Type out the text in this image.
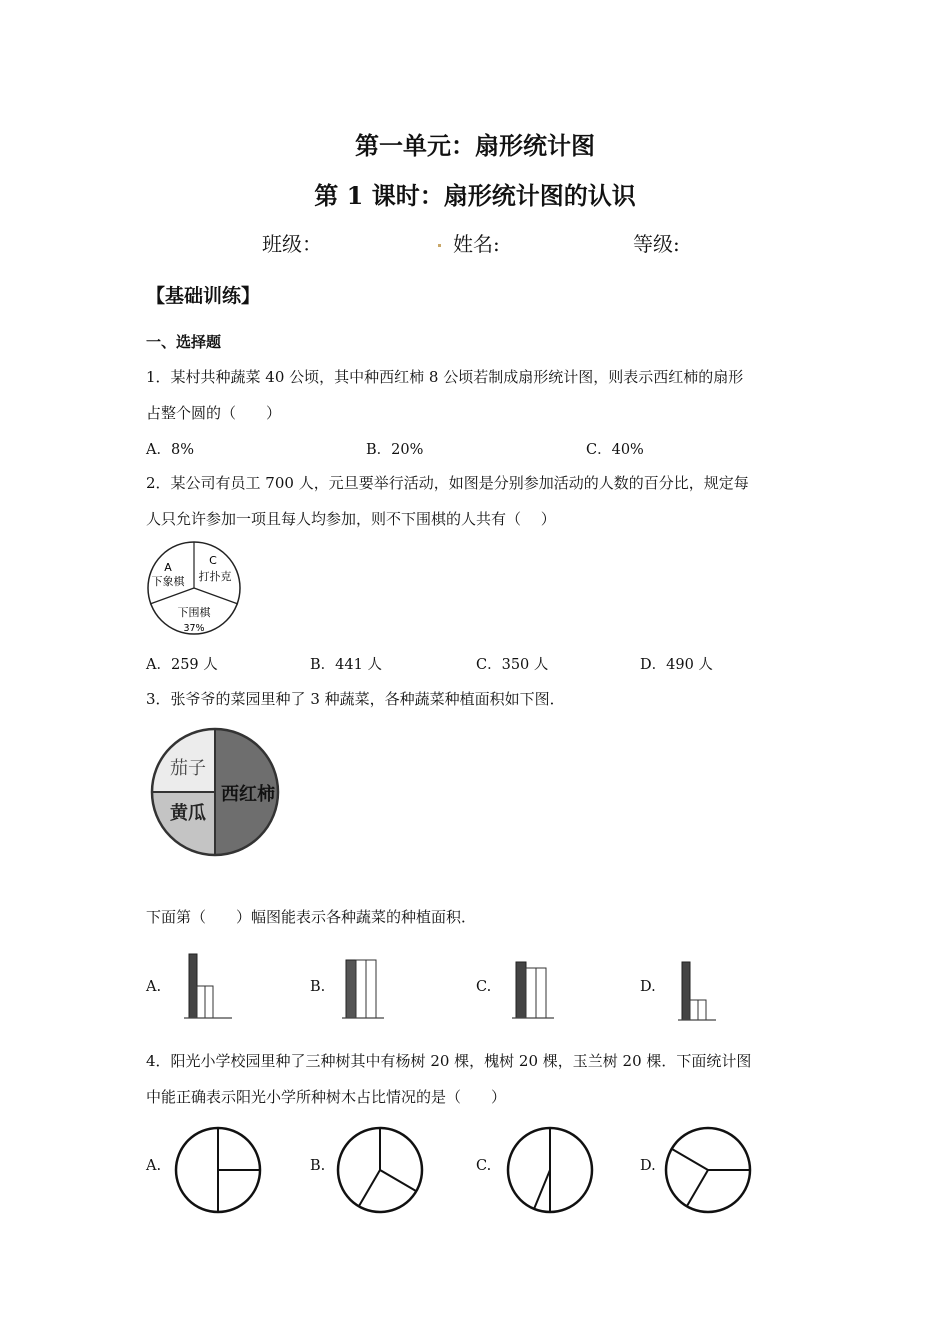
第一单元：扇形统计图
第 1 课时：扇形统计图的认识
班级：	姓名:	等级:
【基础训练】
一、选择题
1．某村共种蔬菜 40 公顷，其中种西红柿 8 公顷若制成扇形统计图，则表示西红柿的扇形
占整个圆的（　　）
A．8%	B．20%	C．40%
2．某公司有员工 700 人，元旦要举行活动，如图是分别参加活动的人数的百分比，规定每
人只允许参加一项且每人均参加，则不下围棋的人共有（　 ）
A
下象棋
C
打扑克
下围棋
37%
A．259 人	B．441 人	C．350 人	D．490 人
3．张爷爷的菜园里种了 3 种蔬菜，各种蔬菜种植面积如下图．
茄子
西红柿
黄瓜
下面第（　　）幅图能表示各种蔬菜的种植面积．
A.	B.	C.	D.
4．阳光小学校园里种了三种树其中有杨树 20 棵，槐树 20 棵，玉兰树 20 棵．下面统计图
中能正确表示阳光小学所种树木占比情况的是（　　）
A.	B.	C.	D.
